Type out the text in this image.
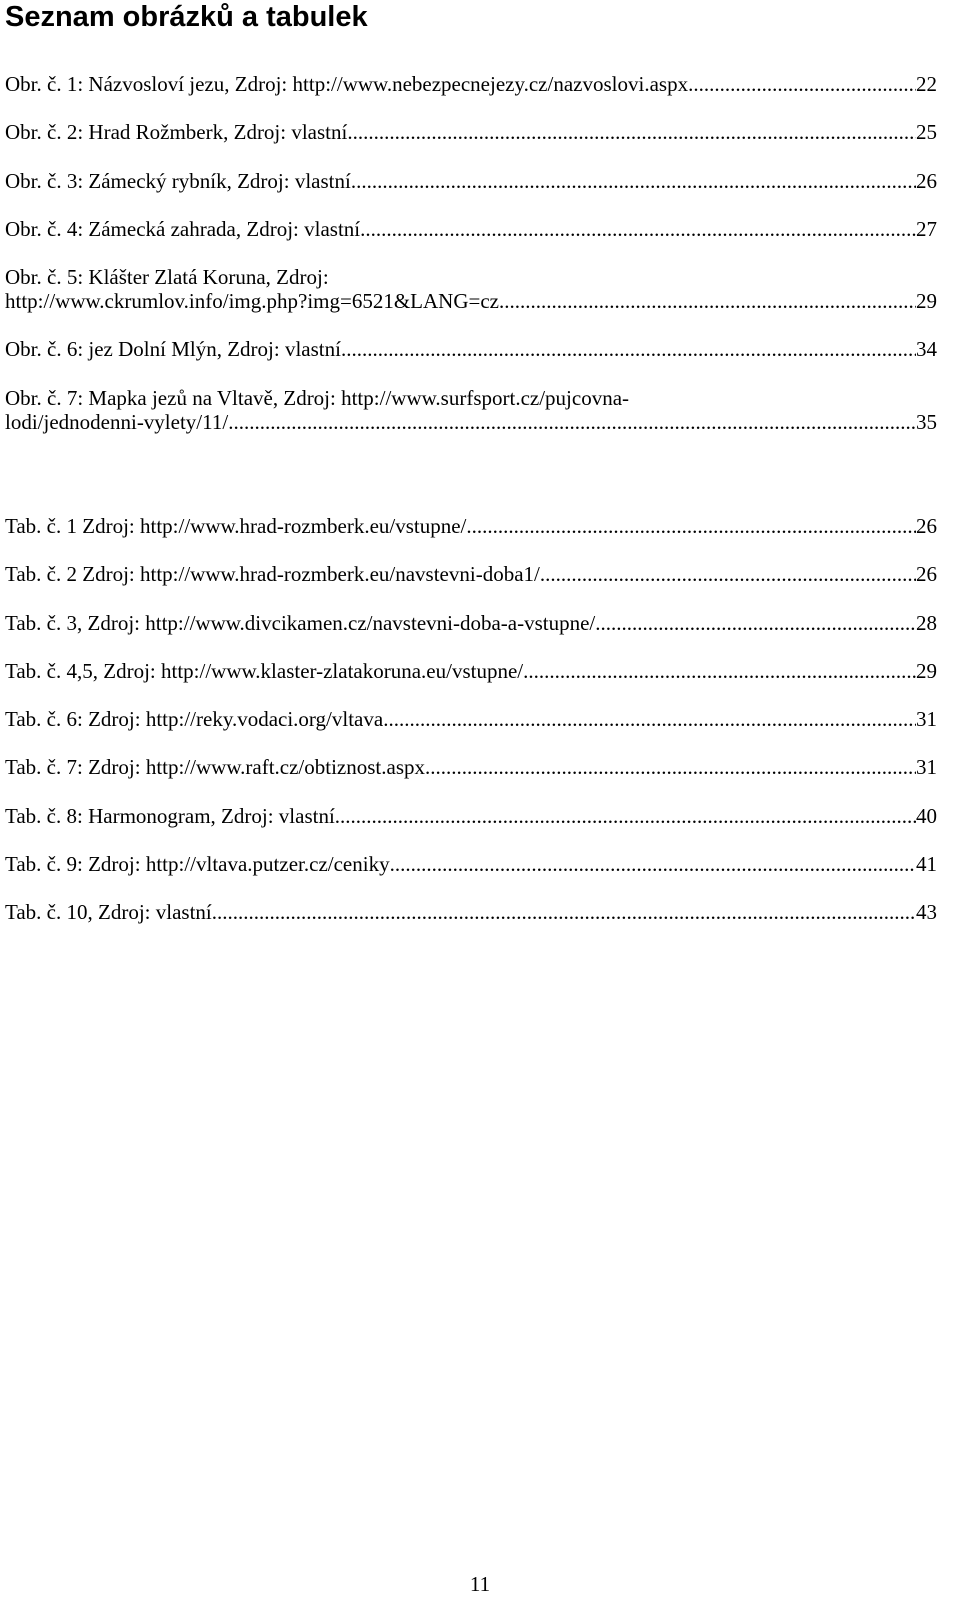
Seznam obrázků a tabulek
Obr. č. 1: Názvosloví jezu, Zdroj: http://www.nebezpecnejezy.cz/nazvoslovi.aspx .....	22
Obr. č. 2: Hrad Rožmberk, Zdroj: vlastní .....	25
Obr. č. 3: Zámecký rybník, Zdroj: vlastní .....	26
Obr. č. 4: Zámecká zahrada, Zdroj: vlastní .....	27
Obr. č. 5: Klášter Zlatá Koruna, Zdroj:
http://www.ckrumlov.info/img.php?img=6521&LANG=cz .....	29
Obr. č. 6: jez Dolní Mlýn, Zdroj: vlastní .....	34
Obr. č. 7: Mapka jezů na Vltavě, Zdroj: http://www.surfsport.cz/pujcovna-
lodi/jednodenni-vylety/11/ .....	35
Tab. č. 1 Zdroj: http://www.hrad-rozmberk.eu/vstupne/ .....	26
Tab. č. 2 Zdroj: http://www.hrad-rozmberk.eu/navstevni-doba1/ .....	26
Tab. č. 3, Zdroj: http://www.divcikamen.cz/navstevni-doba-a-vstupne/ .....	28
Tab. č. 4,5, Zdroj: http://www.klaster-zlatakoruna.eu/vstupne/ .....	29
Tab. č. 6: Zdroj: http://reky.vodaci.org/vltava .....	31
Tab. č. 7: Zdroj: http://www.raft.cz/obtiznost.aspx .....	31
Tab. č. 8: Harmonogram, Zdroj: vlastní .....	40
Tab. č. 9: Zdroj: http://vltava.putzer.cz/ceniky .....	41
Tab. č. 10, Zdroj: vlastní .....	43
11
